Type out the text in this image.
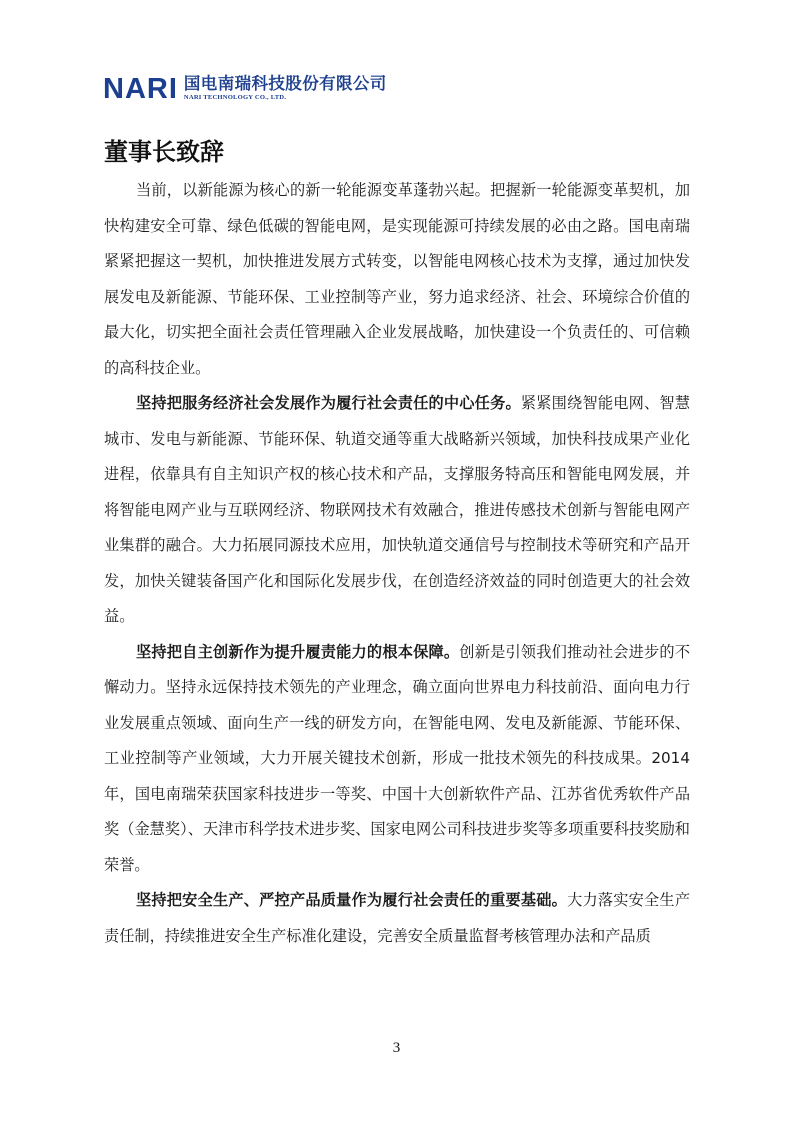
NARI 国电南瑞科技股份有限公司
NARI TECHNOLOGY CO., LTD.
董事长致辞

当前，以新能源为核心的新一轮能源变革蓬勃兴起。把握新一轮能源变革契机，加快构建安全可靠、绿色低碳的智能电网，是实现能源可持续发展的必由之路。国电南瑞紧紧把握这一契机，加快推进发展方式转变，以智能电网核心技术为支撑，通过加快发展发电及新能源、节能环保、工业控制等产业，努力追求经济、社会、环境综合价值的最大化，切实把全面社会责任管理融入企业发展战略，加快建设一个负责任的、可信赖的高科技企业。

坚持把服务经济社会发展作为履行社会责任的中心任务。紧紧围绕智能电网、智慧城市、发电与新能源、节能环保、轨道交通等重大战略新兴领域，加快科技成果产业化进程，依靠具有自主知识产权的核心技术和产品，支撑服务特高压和智能电网发展，并将智能电网产业与互联网经济、物联网技术有效融合，推进传感技术创新与智能电网产业集群的融合。大力拓展同源技术应用，加快轨道交通信号与控制技术等研究和产品开发，加快关键装备国产化和国际化发展步伐，在创造经济效益的同时创造更大的社会效益。

坚持把自主创新作为提升履责能力的根本保障。创新是引领我们推动社会进步的不懈动力。坚持永远保持技术领先的产业理念，确立面向世界电力科技前沿、面向电力行业发展重点领域、面向生产一线的研发方向，在智能电网、发电及新能源、节能环保、工业控制等产业领域，大力开展关键技术创新，形成一批技术领先的科技成果。2014 年，国电南瑞荣获国家科技进步一等奖、中国十大创新软件产品、江苏省优秀软件产品奖（金慧奖）、天津市科学技术进步奖、国家电网公司科技进步奖等多项重要科技奖励和荣誉。

坚持把安全生产、严控产品质量作为履行社会责任的重要基础。大力落实安全生产责任制，持续推进安全生产标准化建设，完善安全质量监督考核管理办法和产品质

3
